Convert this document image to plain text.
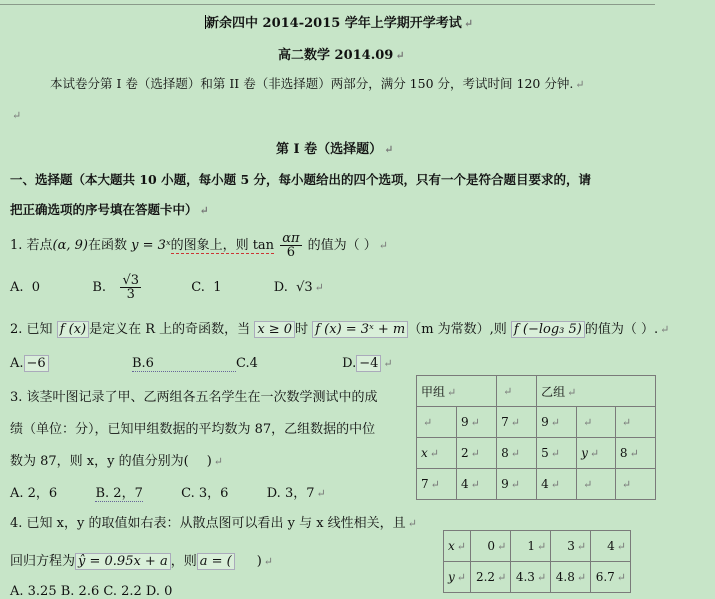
新余四中 2014-2015 学年上学期开学考试 ↵
高二数学 2014.09 ↵
本试卷分第 I 卷（选择题）和第 II 卷（非选择题）两部分，满分 150 分，考试时间 120 分钟. ↵
↵
第 I 卷（选择题） ↵
一、选择题（本大题共 10 小题，每小题 5 分，每小题给出的四个选项，只有一个是符合题目要求的，请
把正确选项的序号填在答题卡中） ↵
1. 若点(α, 9)在函数 y = 3ˣ的图象上，则 $\tan \frac{\alpha\pi}{6}$ 的值为（ ） ↵
A. 0	B. $\frac{√3}{3}$	C. 1	D. √3 ↵
2. 已知 f (x) 是定义在 R 上的奇函数，当 x ≥ 0 时 f (x) = 3ˣ + m （m 为常数）,则 f (−log₃ 5) 的值为（ ）. ↵
A. −6	B.6	C.4	D. −4 ↵
3. 该茎叶图记录了甲、乙两组各五名学生在一次数学测试中的成
绩（单位：分），已知甲组数据的平均数为 87，乙组数据的中位
数为 87，则 x，y 的值分别为( ) ↵
A. 2，6	B. 2，7	C. 3，6	D. 3，7 ↵
甲组 ↵		↵	乙组 ↵		
↵	9 ↵	7 ↵	9 ↵	↵	↵
x ↵	2 ↵	8 ↵	5 ↵	y ↵	8 ↵
7 ↵	4 ↵	9 ↵	4 ↵	↵	↵
4. 已知 x，y 的取值如右表：从散点图可以看出 y 与 x 线性相关，且 ↵
回归方程为 ŷ = 0.95x + a ，则 a = ( ) ↵
A. 3.25 B. 2.6 C. 2.2 D. 0
x ↵	0 ↵	1 ↵	3 ↵	4 ↵
y ↵	2.2 ↵	4.3 ↵	4.8 ↵	6.7 ↵
